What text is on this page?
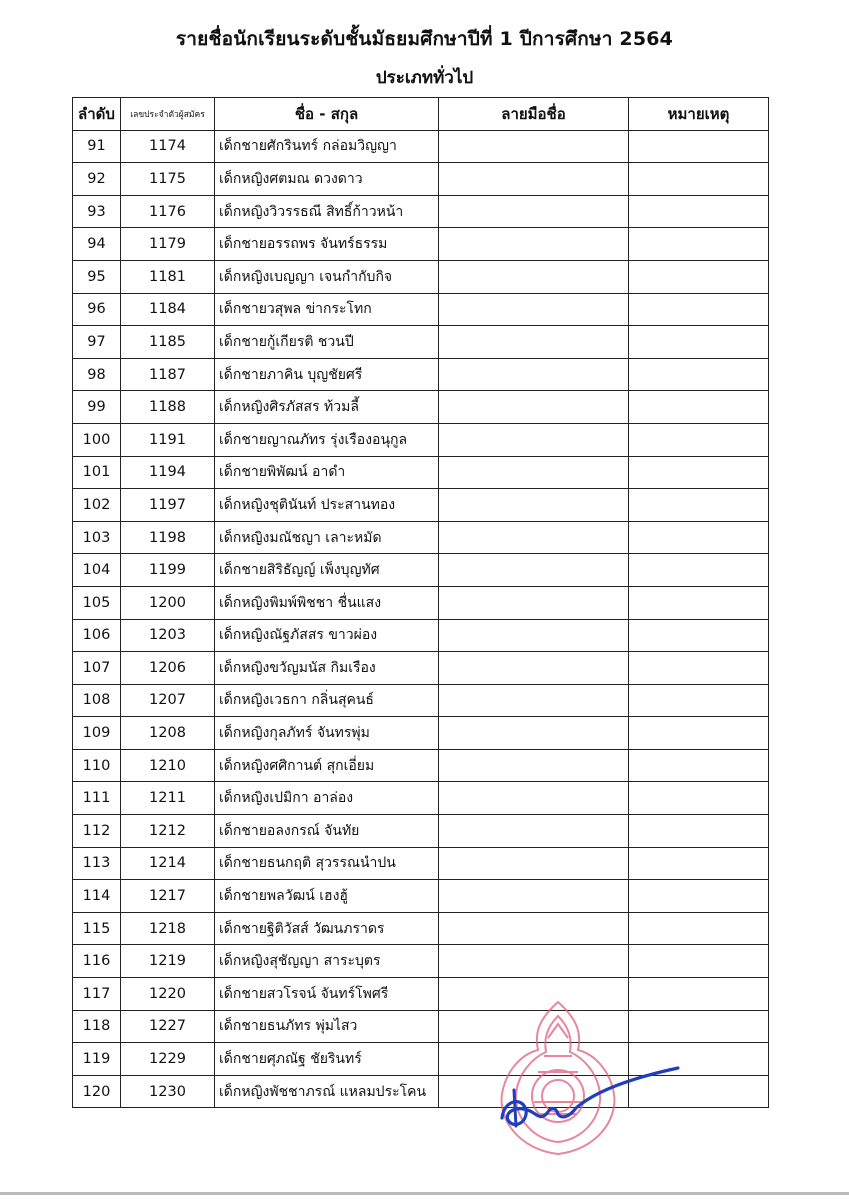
รายชื่อนักเรียนระดับชั้นมัธยมศึกษาปีที่ 1 ปีการศึกษา 2564
ประเภททั่วไป
ลำดับ	เลขประจำตัวผู้สมัคร	ชื่อ - สกุล	ลายมือชื่อ	หมายเหตุ
91	1174	เด็กชายศักรินทร์ กล่อมวิญญา		
92	1175	เด็กหญิงศตมณ ดวงดาว		
93	1176	เด็กหญิงวิวรรธณี สิทธิ์ก้าวหน้า		
94	1179	เด็กชายอรรถพร จันทร์ธรรม		
95	1181	เด็กหญิงเบญญา เจนกำกับกิจ		
96	1184	เด็กชายวสุพล ข่ากระโทก		
97	1185	เด็กชายกู้เกียรติ ชวนปี		
98	1187	เด็กชายภาคิน บุญชัยศรี		
99	1188	เด็กหญิงศิรภัสสร ท้วมลี้		
100	1191	เด็กชายญาณภัทร รุ่งเรืองอนุกูล		
101	1194	เด็กชายพิพัฒน์ อาดำ		
102	1197	เด็กหญิงชุตินันท์ ประสานทอง		
103	1198	เด็กหญิงมณัชญา เลาะหมัด		
104	1199	เด็กชายสิริธัญญ์ เพ็งบุญทัศ		
105	1200	เด็กหญิงพิมพ์พิชชา ชื่นแสง		
106	1203	เด็กหญิงณัฐภัสสร ขาวผ่อง		
107	1206	เด็กหญิงขวัญมนัส กิมเรือง		
108	1207	เด็กหญิงเวธกา กลิ่นสุคนธ์		
109	1208	เด็กหญิงกุลภัทร์ จันทรพุ่ม		
110	1210	เด็กหญิงศศิกานต์ สุกเอี่ยม		
111	1211	เด็กหญิงเปมิกา อาล่อง		
112	1212	เด็กชายอลงกรณ์ จันทัย		
113	1214	เด็กชายธนกฤติ สุวรรณนำปน		
114	1217	เด็กชายพลวัฒน์ เฮงฮู้		
115	1218	เด็กชายฐิติวัสส์ วัฒนภราดร		
116	1219	เด็กหญิงสุชัญญา สาระบุตร		
117	1220	เด็กชายสวโรจน์ จันทร์โพศรี		
118	1227	เด็กชายธนภัทร พุ่มไสว		
119	1229	เด็กชายศุภณัฐ ชัยรินทร์		
120	1230	เด็กหญิงพัชชาภรณ์ แหลมประโคน		
